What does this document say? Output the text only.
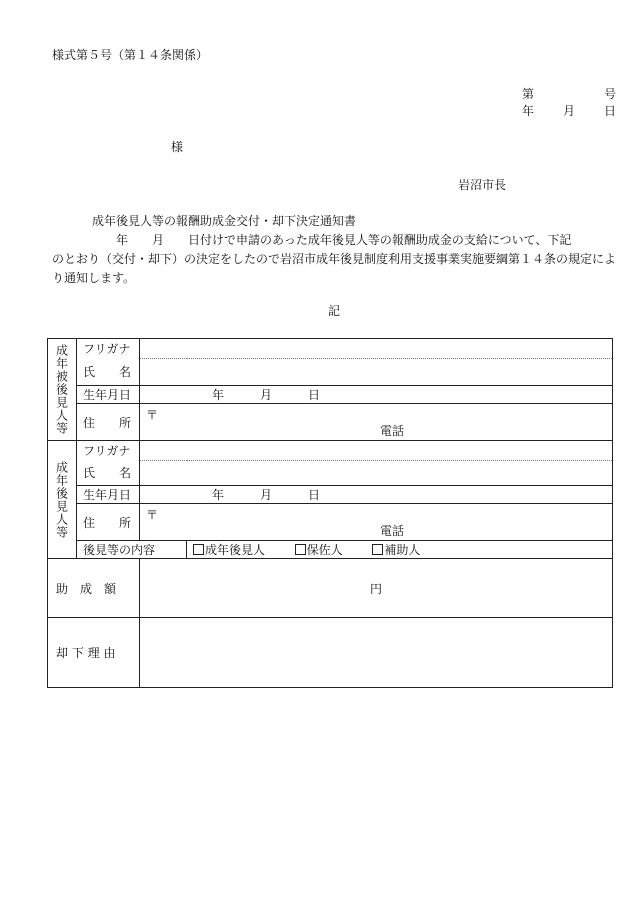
様式第５号（第１４条関係）
第	号
年 月 日
様
岩沼市長

成年後見人等の報酬助成金交付・却下決定通知書

年　　月　　日付けで申請のあった成年後見人等の報酬助成金の支給について、下記

のとおり（交付・却下）の決定をしたので岩沼市成年後見制度利用支援事業実施要綱第１４条の規定により通知します。

記
成年被後見人等	フリガナ		
	氏　　名		
	生年月日	年　　　月　　　日	
	住　　所	〒
電話	

成年後見人等	フリガナ		
	氏　　名		
	生年月日	年　　　月　　　日	
	住　　所	〒
電話	

	後見等の内容		成年後見人 保佐人 補助人
助　成　額		円	
却 下 理 由			
